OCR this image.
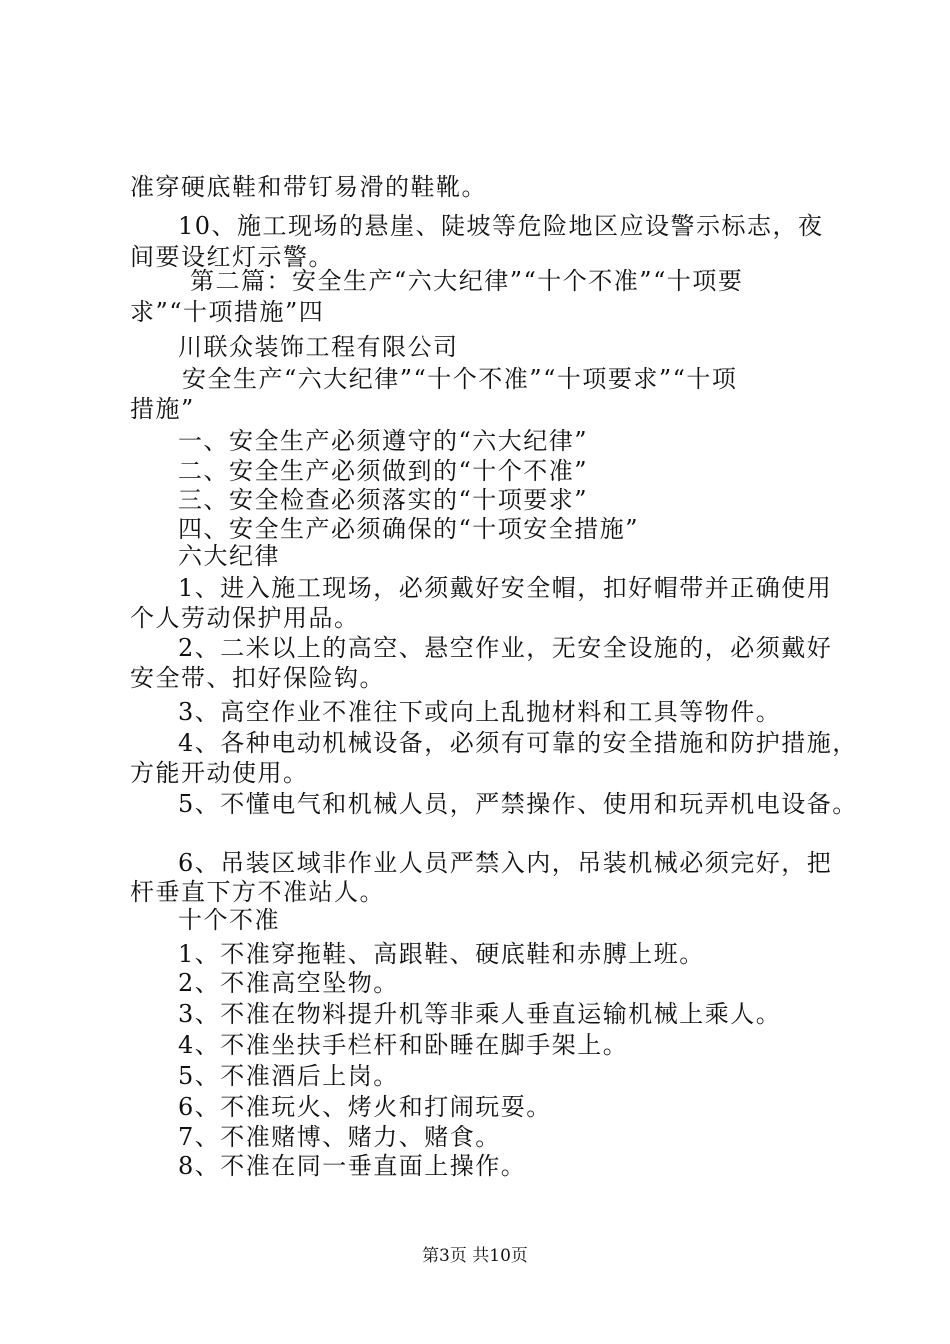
准穿硬底鞋和带钉易滑的鞋靴。
10、施工现场的悬崖、陡坡等危险地区应设警示标志，夜
间要设红灯示警。
第二篇：安全生产“六大纪律”“十个不准”“十项要
求”“十项措施”四
川联众装饰工程有限公司
安全生产“六大纪律”“十个不准”“十项要求”“十项
措施”
一、安全生产必须遵守的“六大纪律”
二、安全生产必须做到的“十个不准”
三、安全检查必须落实的“十项要求”
四、安全生产必须确保的“十项安全措施”
六大纪律
1、进入施工现场，必须戴好安全帽，扣好帽带并正确使用
个人劳动保护用品。
2、二米以上的高空、悬空作业，无安全设施的，必须戴好
安全带、扣好保险钩。
3、高空作业不准往下或向上乱抛材料和工具等物件。
4、各种电动机械设备，必须有可靠的安全措施和防护措施，
方能开动使用。
5、不懂电气和机械人员，严禁操作、使用和玩弄机电设备。
6、吊装区域非作业人员严禁入内，吊装机械必须完好，把
杆垂直下方不准站人。
十个不准
1、不准穿拖鞋、高跟鞋、硬底鞋和赤膊上班。
2、不准高空坠物。
3、不准在物料提升机等非乘人垂直运输机械上乘人。
4、不准坐扶手栏杆和卧睡在脚手架上。
5、不准酒后上岗。
6、不准玩火、烤火和打闹玩耍。
7、不准赌博、赌力、赌食。
8、不准在同一垂直面上操作。
第3页 共10页
